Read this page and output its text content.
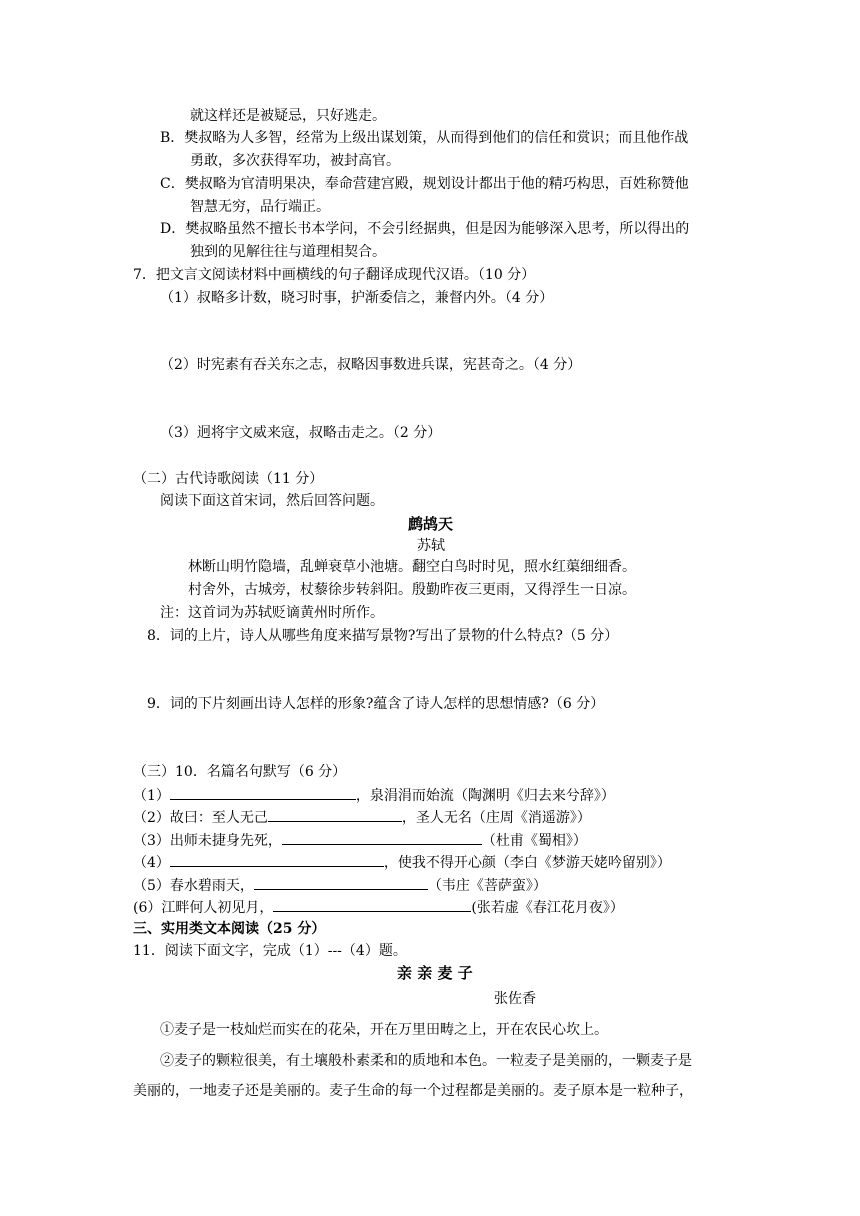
就这样还是被疑忌，只好逃走。
B．樊叔略为人多智，经常为上级出谋划策，从而得到他们的信任和赏识；而且他作战
勇敢，多次获得军功，被封高官。
C．樊叔略为官清明果决，奉命营建宫殿，规划设计都出于他的精巧构思，百姓称赞他
智慧无穷，品行端正。
D．樊叔略虽然不擅长书本学问，不会引经据典，但是因为能够深入思考，所以得出的
独到的见解往往与道理相契合。
7．把文言文阅读材料中画横线的句子翻译成现代汉语。（10 分）
（1）叔略多计数，晓习时事，护渐委信之，兼督内外。（4 分）
（2）时宪素有吞关东之志，叔略因事数进兵谋，宪甚奇之。（4 分）
（3）迥将宇文威来寇，叔略击走之。（2 分）
（二）古代诗歌阅读（11 分）
阅读下面这首宋词，然后回答问题。
鹧鸪天
苏轼
林断山明竹隐墙，乱蝉衰草小池塘。翻空白鸟时时见，照水红蕖细细香。
村舍外，古城旁，杖藜徐步转斜阳。殷勤昨夜三更雨，又得浮生一日凉。
注：这首词为苏轼贬谪黄州时所作。
8．词的上片，诗人从哪些角度来描写景物?写出了景物的什么特点?（5 分）
9．词的下片刻画出诗人怎样的形象?蕴含了诗人怎样的思想情感?（6 分）
（三）10．名篇名句默写（6 分）
（1）	，泉涓涓而始流（陶渊明《归去来兮辞》）
（2）故曰：至人无己	，圣人无名（庄周《消遥游》）
（3）出师未捷身先死，	（杜甫《蜀相》）
（4）	，使我不得开心颜（李白《梦游天姥吟留别》）
（5）春水碧雨天，	（韦庄《菩萨蛮》）
(6）江畔何人初见月，	(张若虚《春江花月夜》）
三、实用类文本阅读（25 分）
11．阅读下面文字，完成（1）---（4）题。
亲 亲 麦 子
张佐香
①麦子是一枝灿烂而实在的花朵，开在万里田畴之上，开在农民心坎上。
②麦子的颗粒很美，有土壤般朴素柔和的质地和本色。一粒麦子是美丽的，一颗麦子是
美丽的，一地麦子还是美丽的。麦子生命的每一个过程都是美丽的。麦子原本是一粒种子，
